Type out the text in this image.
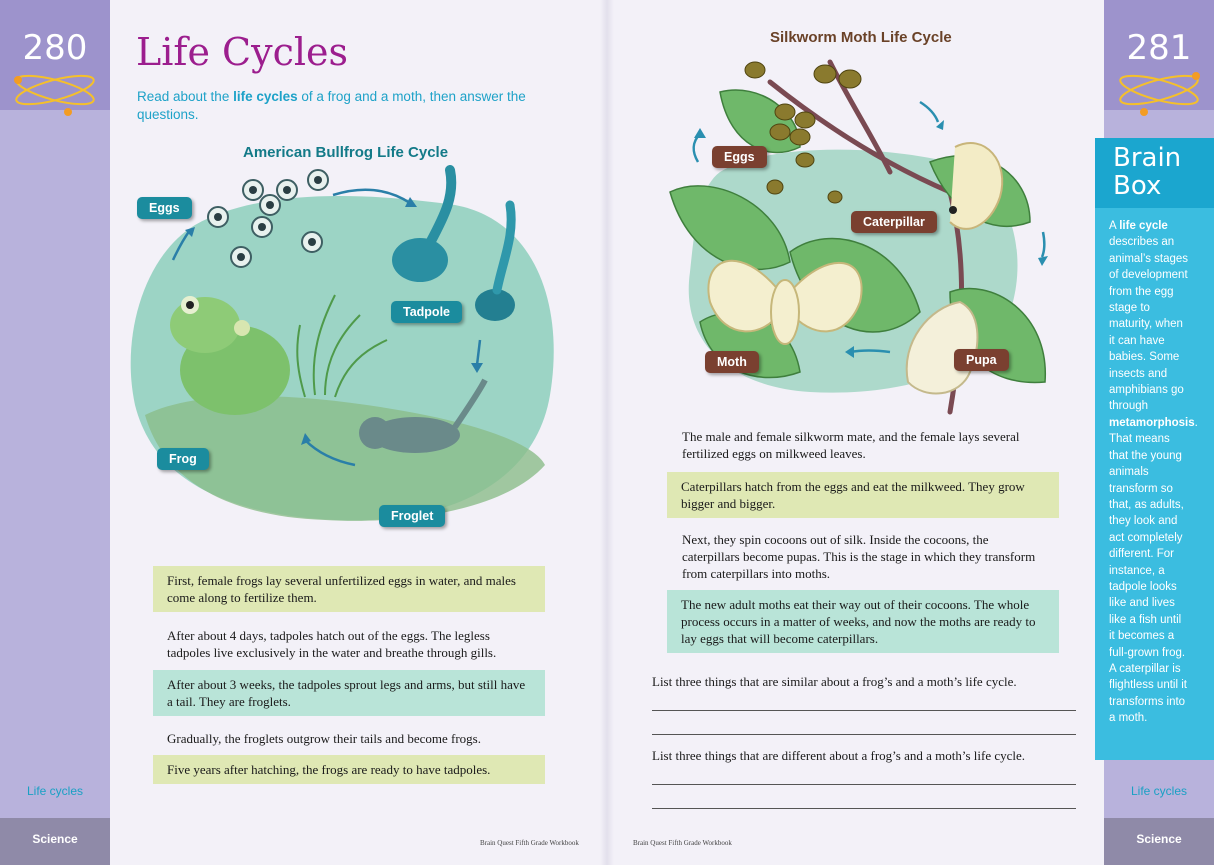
280
Life cycles
Science
281
Life cycles
Science
Life Cycles
Read about the life cycles of a frog and a moth, then answer the questions.
American Bullfrog Life Cycle
Eggs
Tadpole
Frog
Froglet
First, female frogs lay several unfertilized eggs in water, and males come along to fertilize them.
After about 4 days, tadpoles hatch out of the eggs. The legless tadpoles live exclusively in the water and breathe through gills.
After about 3 weeks, the tadpoles sprout legs and arms, but still have a tail. They are froglets.
Gradually, the froglets outgrow their tails and become frogs.
Five years after hatching, the frogs are ready to have tadpoles.
Brain Quest Fifth Grade Workbook
Silkworm Moth Life Cycle
Eggs
Caterpillar
Moth	Pupa
The male and female silkworm mate, and the female lays several fertilized eggs on milkweed leaves.
Caterpillars hatch from the eggs and eat the milkweed. They grow bigger and bigger.
Next, they spin cocoons out of silk. Inside the cocoons, the caterpillars become pupas. This is the stage in which they transform from caterpillars into moths.
The new adult moths eat their way out of their cocoons. The whole process occurs in a matter of weeks, and now the moths are ready to lay eggs that will become caterpillars.
List three things that are similar about a frog’s and a moth’s life cycle.
List three things that are different about a frog’s and a moth’s life cycle.
Brain Quest Fifth Grade Workbook
Brain Box
A life cycle describes an animal’s stages of development from the egg stage to maturity, when it can have babies. Some insects and amphibians go through metamorphosis. That means that the young animals transform so that, as adults, they look and act completely different. For instance, a tadpole looks like and lives like a fish until it becomes a full-grown frog. A caterpillar is flightless until it transforms into a moth.
